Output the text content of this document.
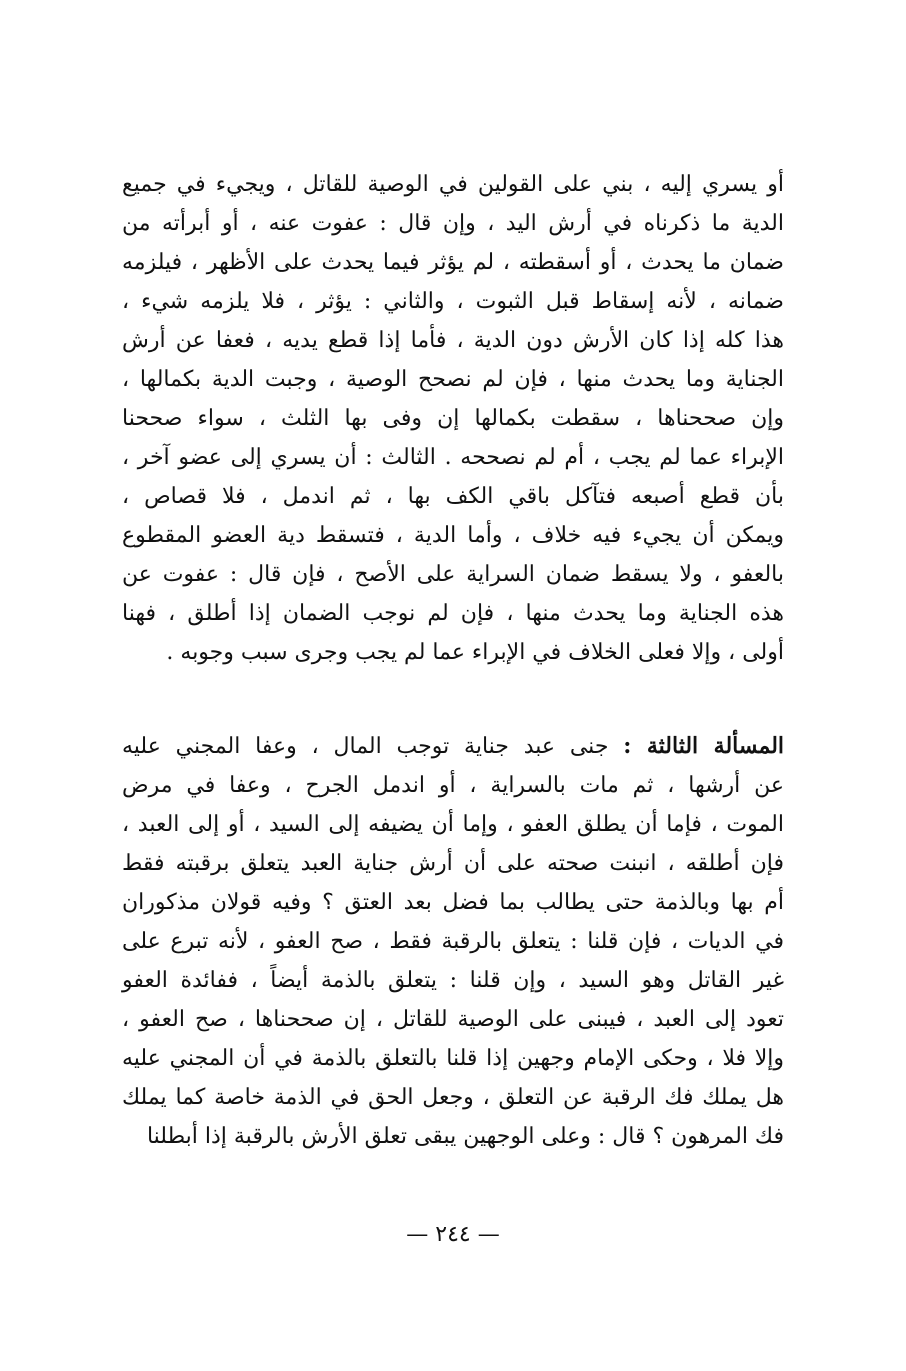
أو يسري إليه ، بني على القولين في الوصية للقاتل ، ويجيء في جميع
الدية ما ذكرناه في أرش اليد ، وإن قال : عفوت عنه ، أو أبرأته من
ضمان ما يحدث ، أو أسقطته ، لم يؤثر فيما يحدث على الأظهر ، فيلزمه
ضمانه ، لأنه إسقاط قبل الثبوت ، والثاني : يؤثر ، فلا يلزمه شيء ،
هذا كله إذا كان الأرش دون الدية ، فأما إذا قطع يديه ، فعفا عن أرش
الجناية وما يحدث منها ، فإن لم نصحح الوصية ، وجبت الدية بكمالها ،
وإن صححناها ، سقطت بكمالها إن وفى بها الثلث ، سواء صححنا
الإبراء عما لم يجب ، أم لم نصححه . الثالث : أن يسري إلى عضو آخر ،
بأن قطع أصبعه فتآكل باقي الكف بها ، ثم اندمل ، فلا قصاص ،
ويمكن أن يجيء فيه خلاف ، وأما الدية ، فتسقط دية العضو المقطوع
بالعفو ، ولا يسقط ضمان السراية على الأصح ، فإن قال : عفوت عن
هذه الجناية وما يحدث منها ، فإن لم نوجب الضمان إذا أطلق ، فهنا
أولى ، وإلا فعلى الخلاف في الإبراء عما لم يجب وجرى سبب وجوبه .
المسألة الثالثة : جنى عبد جناية توجب المال ، وعفا المجني عليه
عن أرشها ، ثم مات بالسراية ، أو اندمل الجرح ، وعفا في مرض
الموت ، فإما أن يطلق العفو ، وإما أن يضيفه إلى السيد ، أو إلى العبد ،
فإن أطلقه ، انبنت صحته على أن أرش جناية العبد يتعلق برقبته فقط
أم بها وبالذمة حتى يطالب بما فضل بعد العتق ؟ وفيه قولان مذكوران
في الديات ، فإن قلنا : يتعلق بالرقبة فقط ، صح العفو ، لأنه تبرع على
غير القاتل وهو السيد ، وإن قلنا : يتعلق بالذمة أيضاً ، ففائدة العفو
تعود إلى العبد ، فيبنى على الوصية للقاتل ، إن صححناها ، صح العفو ،
وإلا فلا ، وحكى الإمام وجهين إذا قلنا بالتعلق بالذمة في أن المجني عليه
هل يملك فك الرقبة عن التعلق ، وجعل الحق في الذمة خاصة كما يملك
فك المرهون ؟ قال : وعلى الوجهين يبقى تعلق الأرش بالرقبة إذا أبطلنا
— ٢٤٤ —
